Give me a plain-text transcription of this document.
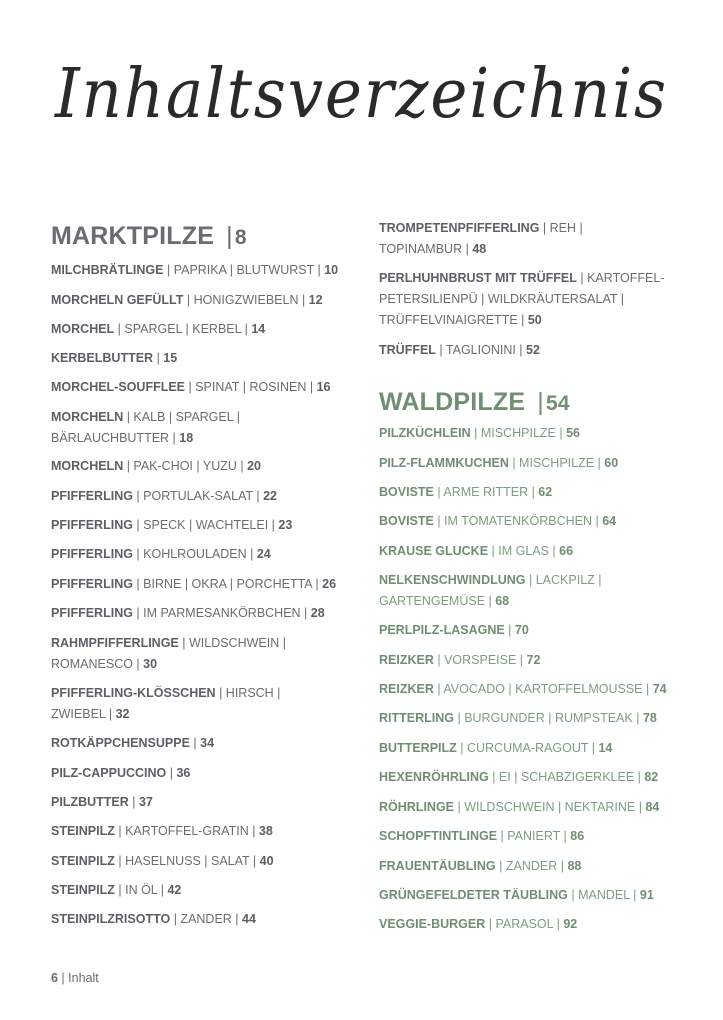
Inhaltsverzeichnis
MARKTPILZE |8
MILCHBRÄTLINGE | PAPRIKA | BLUTWURST | 10
MORCHELN GEFÜLLT | HONIGZWIEBELN | 12
MORCHEL | SPARGEL | KERBEL | 14
KERBELBUTTER | 15
MORCHEL-SOUFFLEE | SPINAT | ROSINEN | 16
MORCHELN | KALB | SPARGEL |
BÄRLAUCHBUTTER | 18
MORCHELN | PAK-CHOI | YUZU | 20
PFIFFERLING | PORTULAK-SALAT | 22
PFIFFERLING | SPECK | WACHTELEI | 23
PFIFFERLING | KOHLROULADEN | 24
PFIFFERLING | BIRNE | OKRA | PORCHETTA | 26
PFIFFERLING | IM PARMESANKÖRBCHEN | 28
RAHMPFIFFERLINGE | WILDSCHWEIN |
ROMANESCO | 30
PFIFFERLING-KLÖSSCHEN | HIRSCH |
ZWIEBEL | 32
ROTKÄPPCHENSUPPE | 34
PILZ-CAPPUCCINO | 36
PILZBUTTER | 37
STEINPILZ | KARTOFFEL-GRATIN | 38
STEINPILZ | HASELNUSS | SALAT | 40
STEINPILZ | IN ÖL | 42
STEINPILZRISOTTO | ZANDER | 44
TROMPETENPFIFFERLING | REH |
TOPINAMBUR | 48
PERLHUHNBRUST MIT TRÜFFEL | KARTOFFEL-
PETERSILIENPÜ | WILDKRÄUTERSALAT |
TRÜFFELVINAIGRETTE | 50
TRÜFFEL | TAGLIONINI | 52
WALDPILZE |54
PILZKÜCHLEIN | MISCHPILZE | 56
PILZ-FLAMMKUCHEN | MISCHPILZE | 60
BOVISTE | ARME RITTER | 62
BOVISTE | IM TOMATENKÖRBCHEN | 64
KRAUSE GLUCKE | IM GLAS | 66
NELKENSCHWINDLUNG | LACKPILZ |
GARTENGEMÜSE | 68
PERLPILZ-LASAGNE | 70
REIZKER | VORSPEISE | 72
REIZKER | AVOCADO | KARTOFFELMOUSSE | 74
RITTERLING | BURGUNDER | RUMPSTEAK | 78
BUTTERPILZ | CURCUMA-RAGOUT | 14
HEXENRÖHRLING | EI | SCHABZIGERKLEE | 82
RÖHRLINGE | WILDSCHWEIN | NEKTARINE | 84
SCHOPFTINTLINGE | PANIERT | 86
FRAUENTÄUBLING | ZANDER | 88
GRÜNGEFELDETER TÄUBLING | MANDEL | 91
VEGGIE-BURGER | PARASOL | 92
6 | Inhalt
